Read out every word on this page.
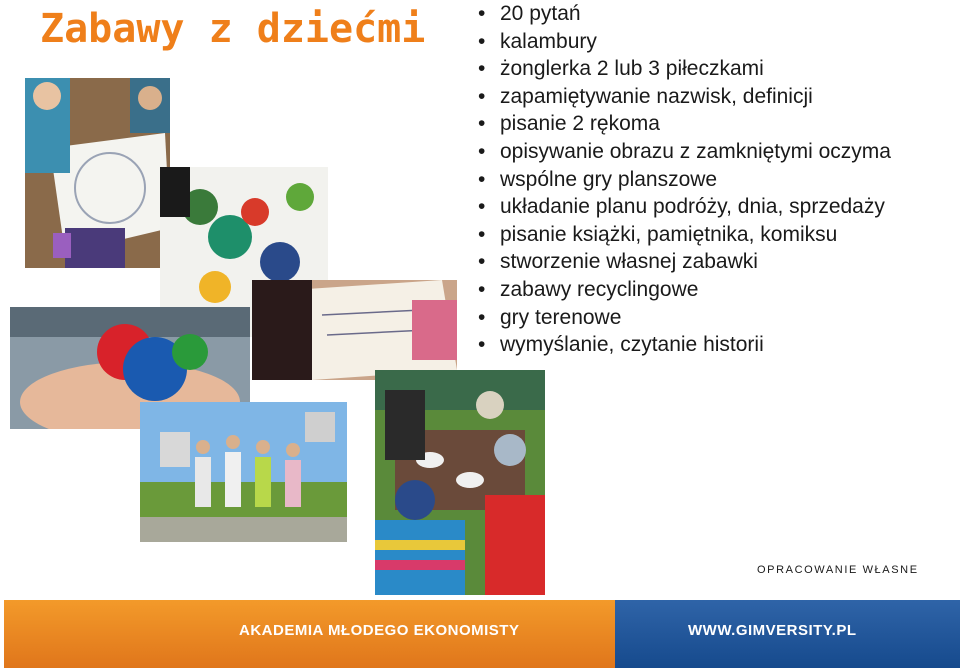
Zabawy z dziećmi
•	20 pytań
• kalambury
• żonglerka 2 lub 3 piłeczkami
• zapamiętywanie nazwisk, definicji
• pisanie 2 rękoma
• opisywanie obrazu z zamkniętymi oczyma
• wspólne gry planszowe
• układanie planu podróży, dnia, sprzedaży
• pisanie książki, pamiętnika, komiksu
• stworzenie własnej zabawki
• zabawy recyclingowe
• gry terenowe
• wymyślanie, czytanie historii
OPRACOWANIE WŁASNE
AKADEMIA MŁODEGO EKONOMISTY	WWW.GIMVERSITY.PL
